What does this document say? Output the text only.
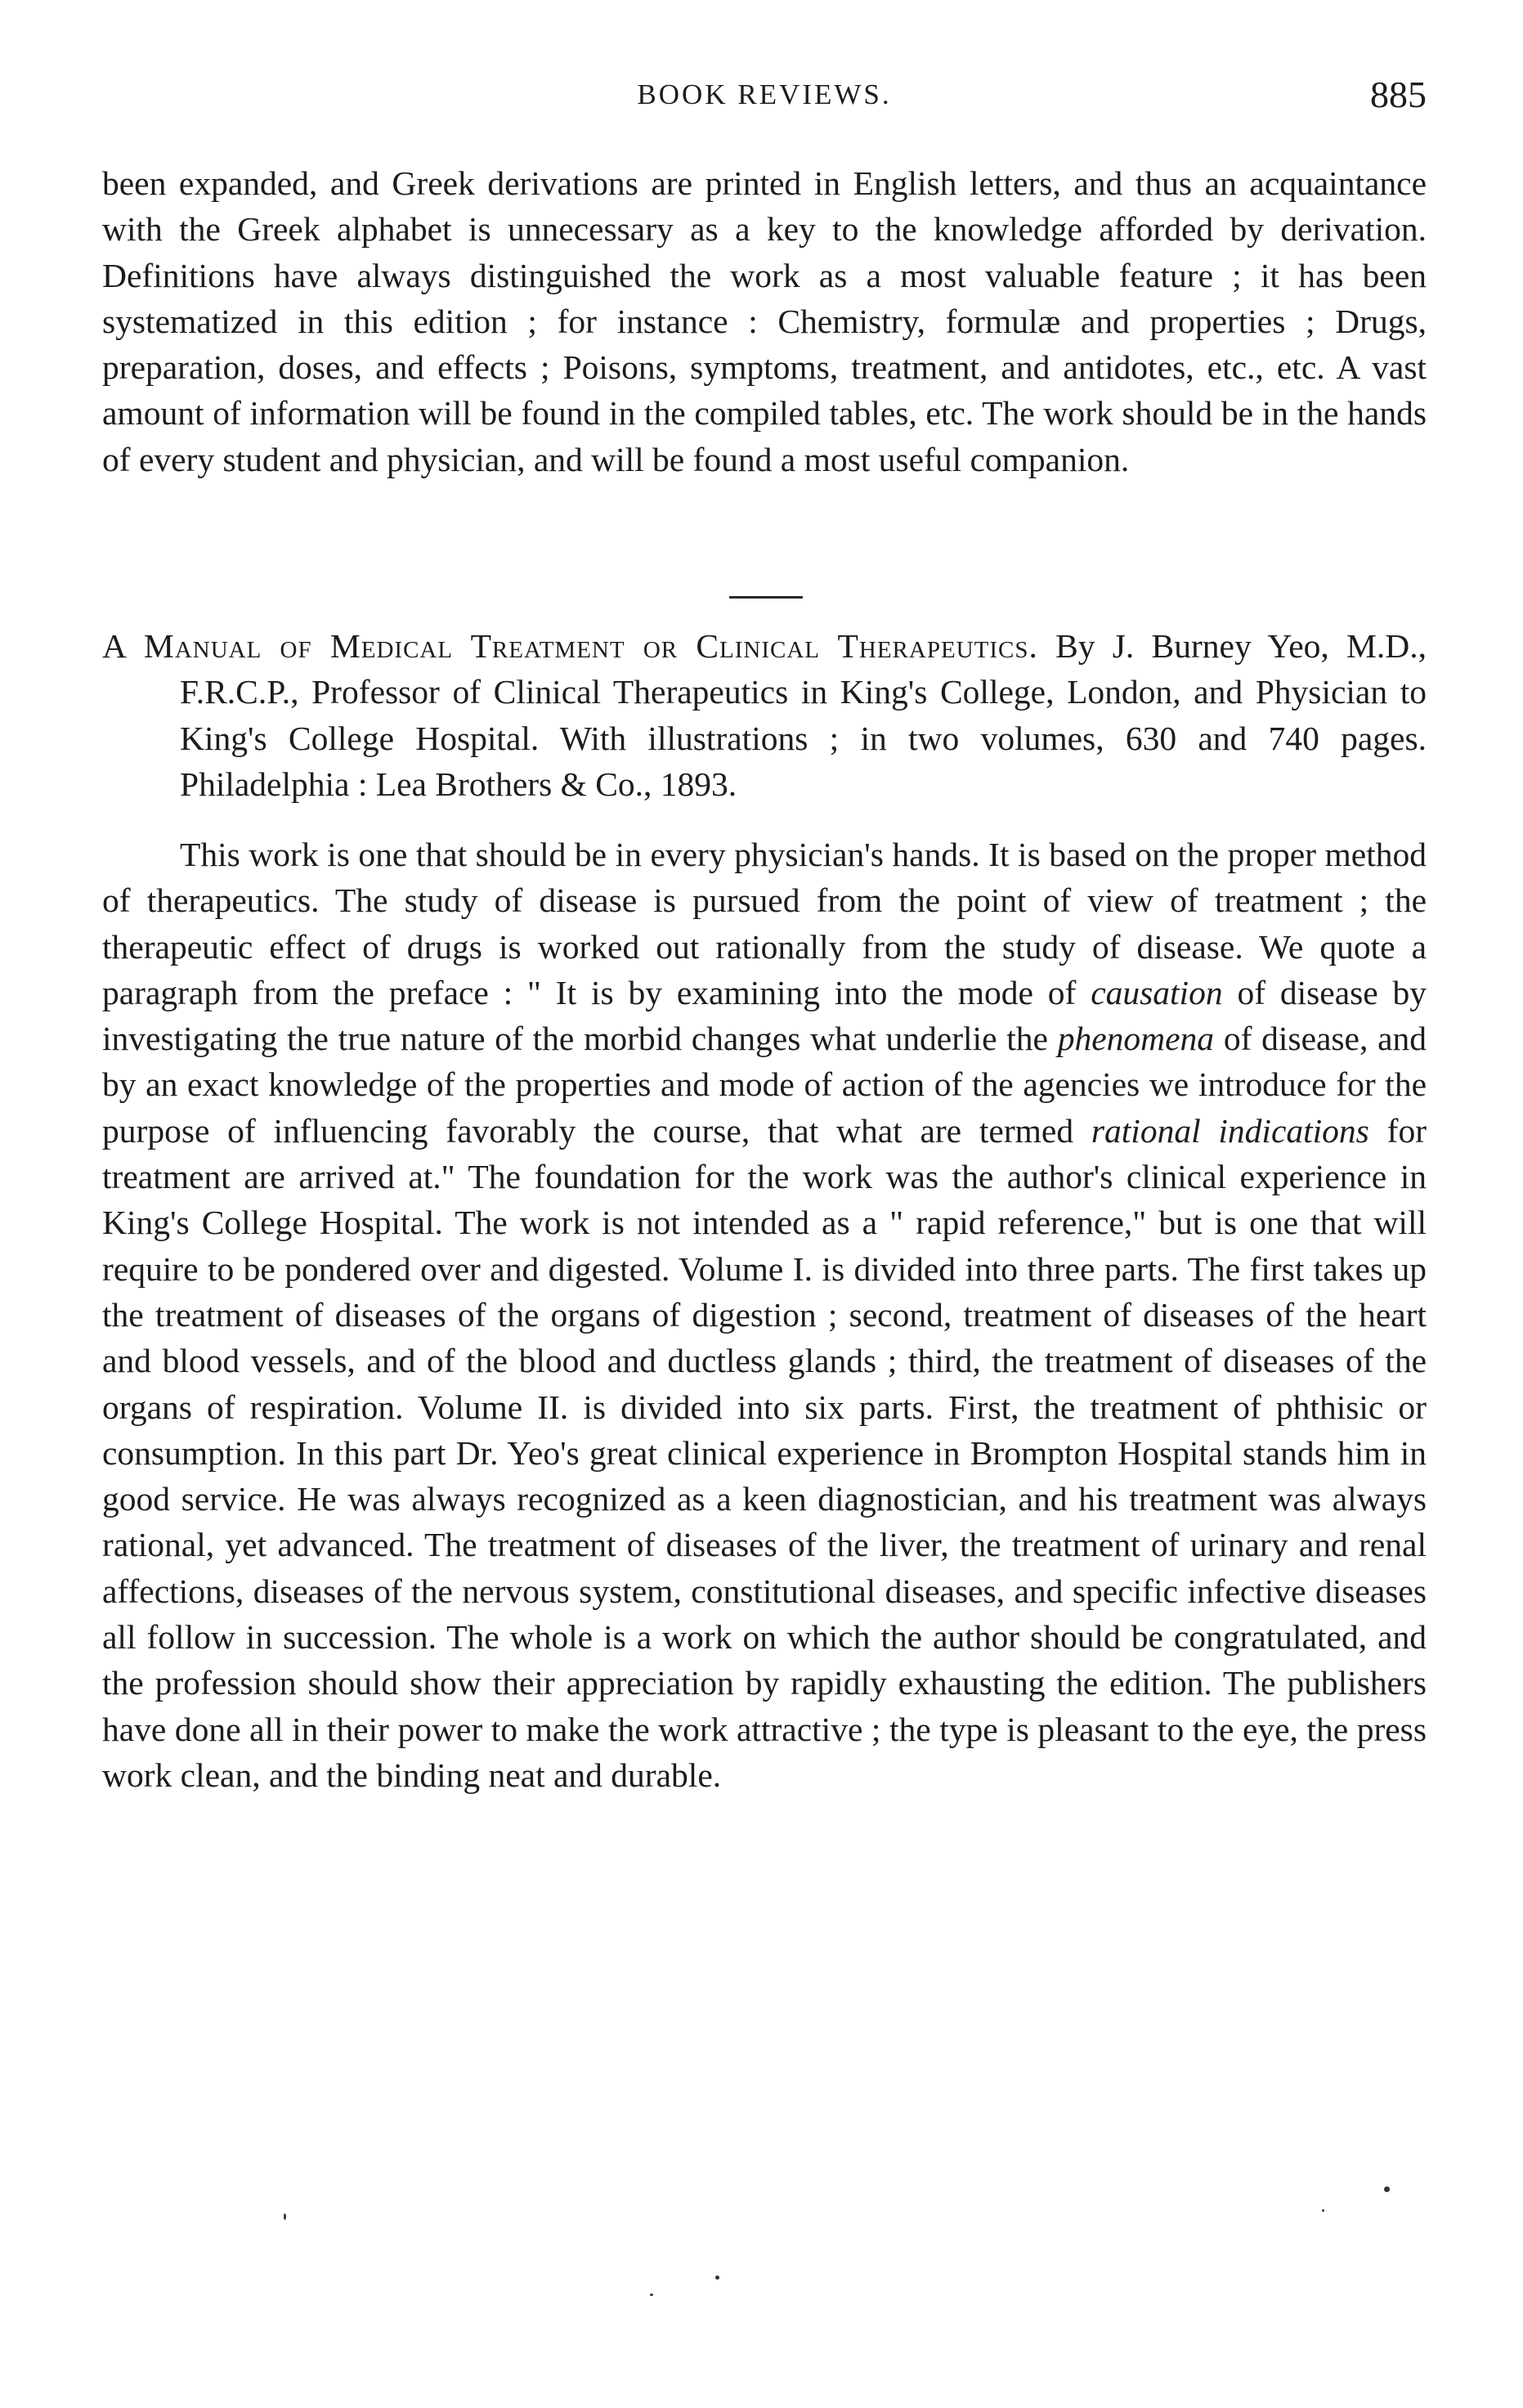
BOOK REVIEWS.	885

been expanded, and Greek derivations are printed in English letters, and thus an acquaintance with the Greek alphabet is unnecessary as a key to the knowledge afforded by derivation. Definitions have always distinguished the work as a most valuable feature ; it has been systematized in this edition ; for instance : Chemistry, formulæ and properties ; Drugs, preparation, doses, and effects ; Poisons, symptoms, treatment, and antidotes, etc., etc. A vast amount of information will be found in the compiled tables, etc. The work should be in the hands of every student and physician, and will be found a most useful companion.

A Manual of Medical Treatment or Clinical Therapeutics. By J. Burney Yeo, M.D., F.R.C.P., Professor of Clinical Therapeutics in King's College, London, and Physician to King's College Hospital. With illustrations ; in two volumes, 630 and 740 pages. Philadelphia : Lea Brothers & Co., 1893.

This work is one that should be in every physician's hands. It is based on the proper method of therapeutics. The study of disease is pursued from the point of view of treatment ; the therapeutic effect of drugs is worked out rationally from the study of disease. We quote a paragraph from the preface : " It is by examining into the mode of causation of disease by investigating the true nature of the morbid changes what underlie the phenomena of disease, and by an exact knowledge of the properties and mode of action of the agencies we introduce for the purpose of influencing favorably the course, that what are termed rational indications for treatment are arrived at." The foundation for the work was the author's clinical experience in King's College Hospital. The work is not intended as a " rapid reference," but is one that will require to be pondered over and digested. Volume I. is divided into three parts. The first takes up the treatment of diseases of the organs of digestion ; second, treatment of diseases of the heart and blood vessels, and of the blood and ductless glands ; third, the treatment of diseases of the organs of respiration. Volume II. is divided into six parts. First, the treatment of phthisic or consumption. In this part Dr. Yeo's great clinical experience in Brompton Hospital stands him in good service. He was always recognized as a keen diagnostician, and his treatment was always rational, yet advanced. The treatment of diseases of the liver, the treatment of urinary and renal affections, diseases of the nervous system, constitutional diseases, and specific infective diseases all follow in succession. The whole is a work on which the author should be congratulated, and the profession should show their appreciation by rapidly exhausting the edition. The publishers have done all in their power to make the work attractive ; the type is pleasant to the eye, the press work clean, and the binding neat and durable.
